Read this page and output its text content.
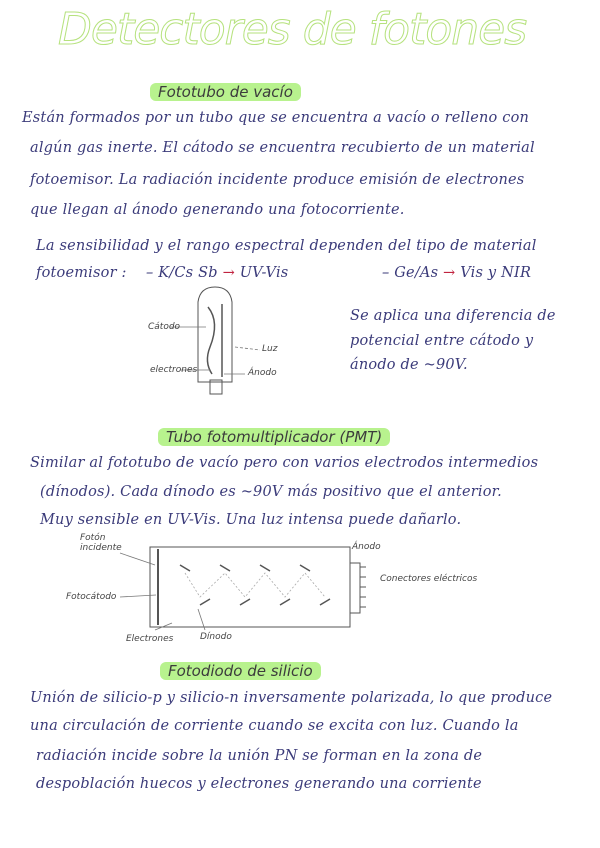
Detectores de fotones
Fototubo de vacío
Están formados por un tubo que se encuentra a vacío o relleno con
algún gas inerte. El cátodo se encuentra recubierto de un material
fotoemisor. La radiación incidente produce emisión de electrones
que llegan al ánodo generando una fotocorriente.
La sensibilidad y el rango espectral dependen del tipo de material
fotoemisor : – K/Cs Sb → UV-Vis	– Ge/As → Vis y NIR
Se aplica una diferencia de
potencial entre cátodo y
ánodo de ~90V.
Cátodo
Luz
electrones	Ánodo
Tubo fotomultiplicador (PMT)
Similar al fototubo de vacío pero con varios electrodos intermedios
(dínodos). Cada dínodo es ~90V más positivo que el anterior.
Muy sensible en UV-Vis. Una luz intensa puede dañarlo.
Fotón
incidente
Fotocátodo
Ánodo
Conectores eléctricos
Electrones	Dínodo
Fotodiodo de silicio
Unión de silicio-p y silicio-n inversamente polarizada, lo que produce
una circulación de corriente cuando se excita con luz. Cuando la
radiación incide sobre la unión PN se forman en la zona de
despoblación huecos y electrones generando una corriente
